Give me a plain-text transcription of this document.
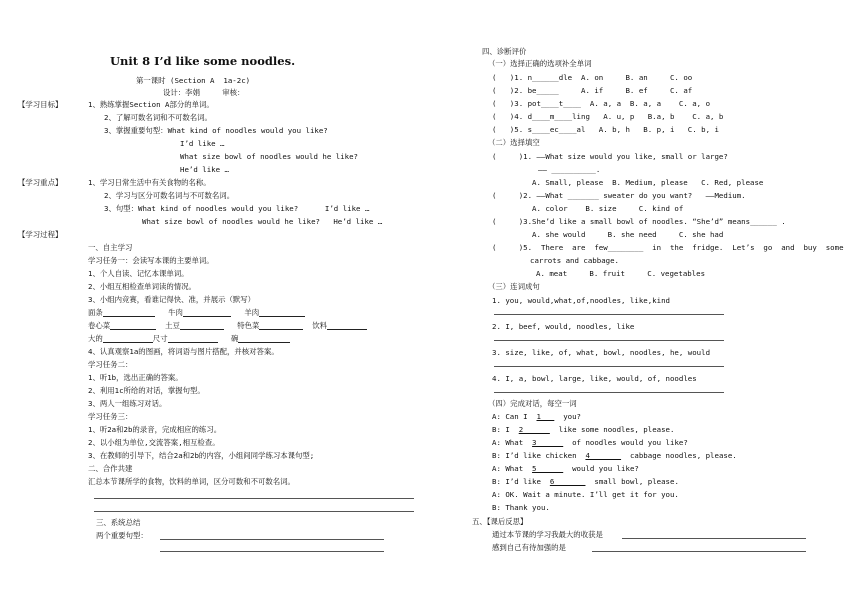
Unit 8 I’d like some noodles.
第一课时 (Section A  1a-2c)
设计：李娟     审核：
【学习目标】	1、熟练掌握Section A部分的单词。
2、了解可数名词和不可数名词。
3、掌握重要句型：What kind of noodles would you like?
I’d like …
What size bowl of noodles would he like?
He’d like …
【学习重点】	1、学习日常生活中有关食物的名称。
2、学习与区分可数名词与不可数名词。
3、句型：What kind of noodles would you like?      I’d like …
What size bowl of noodles would he like?   He’d like …
【学习过程】
一、自主学习
学习任务一：会读写本课的主要单词。
1、个人自读、记忆本课单词。
2、小组互相检查单词读的情况。
3、小组内竞赛，看谁记得快、准，并展示（默写）
面条	牛肉	羊肉
卷心菜	土豆	特色菜	饮料
大的	尺寸	碗
4、认真观察1a的图画，将词语与图片搭配，并核对答案。
学习任务二：
1、听1b，选出正确的答案。
2、利用1c所给的对话，掌握句型。
3、两人一组练习对话。
学习任务三：
1、听2a和2b的录音，完成相应的练习。
2、以小组为单位,交流答案,相互检查。
3、在教师的引导下，结合2a和2b的内容，小组间同学练习本课句型;
二、合作共建
汇总本节课所学的食物，饮料的单词，区分可数和不可数名词。
三、系统总结
两个重要句型：
四、诊断评价
（一）选择正确的选项补全单词
(   )1. n______dle  A. on     B. an     C. oo
(   )2. be_____     A. if     B. ef     C. af
(   )3. pot____t____  A. a, a  B. a, a    C. a, o
(   )4. d____m____ling   A. u, p   B.a, b    C. a, b
(   )5. s____ec____al   A. b, h   B. p, i   C. b, i
（二）选择填空
(     )1. ——What size would you like, small or large?
—— __________.
A. Small, please  B. Medium, please   C. Red, please
(     )2. ——What _______ sweater do you want?   ——Medium.
A. color    B. size     C. kind of
(     )3.She’d like a small bowl of noodles. “She’d” means______ .
A. she would     B. she need     C. she had
(     )5.  There  are  few________  in  the  fridge.  Let’s  go  and  buy  some
carrots and cabbage.
A. meat     B. fruit     C. vegetables
（三）连词成句
1. you, would,what,of,noodles, like,kind
2. I, beef, would, noodles, like
3. size, like, of, what, bowl, noodles, he, would
4. I, a, bowl, large, like, would, of, noodles
（四）完成对话，每空一词
A: Can I  1     you?
B: I  2        like some noodles, please.
A: What  3        of noodles would you like?
B: I’d like chicken  4         cabbage noodles, please.
A: What  5        would you like?
B: I’d like  6         small bowl, please.
A: OK. Wait a minute. I’ll get it for you.
B: Thank you.
五、【课后反思】
通过本节课的学习我最大的收获是
感到自己有待加强的是
